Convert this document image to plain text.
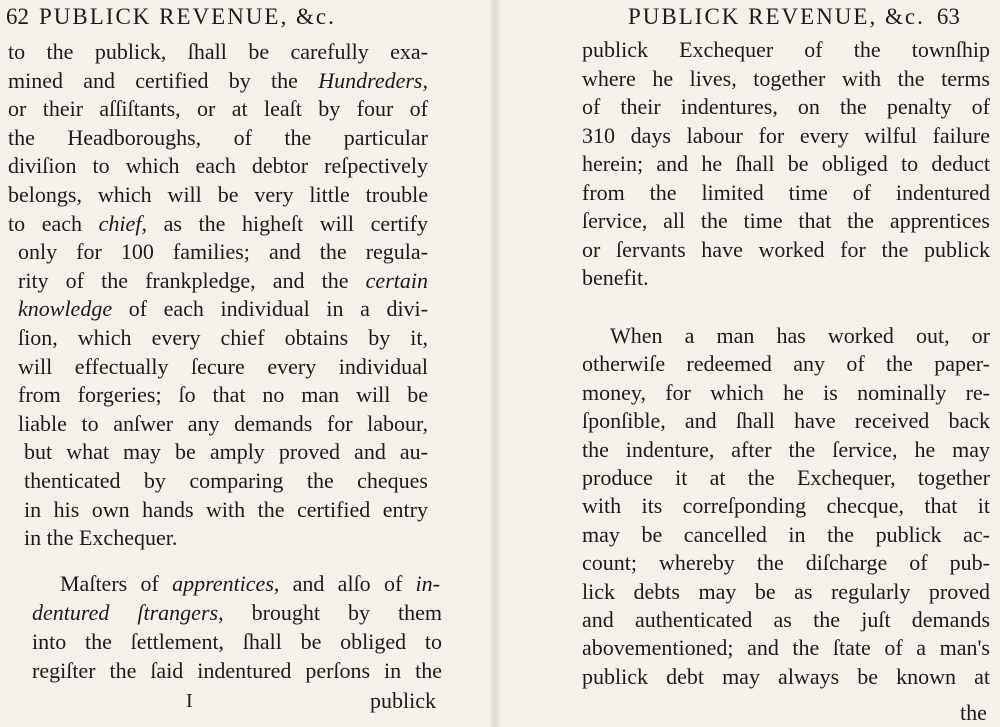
62 PUBLICK REVENUE, &c.
to the publick, ſhall be carefully exa-
mined and certified by the Hundreders,
or their aſſiſtants, or at leaſt by four of
the Headboroughs, of the particular
diviſion to which each debtor reſpectively
belongs, which will be very little trouble
to each chief, as the higheſt will certify
only for 100 families; and the regula-
rity of the frankpledge, and the certain
knowledge of each individual in a divi-
ſion, which every chief obtains by it,
will effectually ſecure every individual
from forgeries; ſo that no man will be
liable to anſwer any demands for labour,
but what may be amply proved and au-
thenticated by comparing the cheques
in his own hands with the certified entry
in the Exchequer.
Maſters of apprentices, and alſo of in-
dentured ſtrangers, brought by them
into the ſettlement, ſhall be obliged to
regiſter the ſaid indentured perſons in the
I	publick
PUBLICK REVENUE, &c. 63
publick Exchequer of the townſhip
where he lives, together with the terms
of their indentures, on the penalty of
310 days labour for every wilful failure
herein; and he ſhall be obliged to deduct
from the limited time of indentured
ſervice, all the time that the apprentices
or ſervants have worked for the publick
benefit.
When a man has worked out, or
otherwiſe redeemed any of the paper-
money, for which he is nominally re-
ſponſible, and ſhall have received back
the indenture, after the ſervice, he may
produce it at the Exchequer, together
with its correſponding checque, that it
may be cancelled in the publick ac-
count; whereby the diſcharge of pub-
lick debts may be as regularly proved
and authenticated as the juſt demands
abovementioned; and the ſtate of a man's
publick debt may always be known at
the
